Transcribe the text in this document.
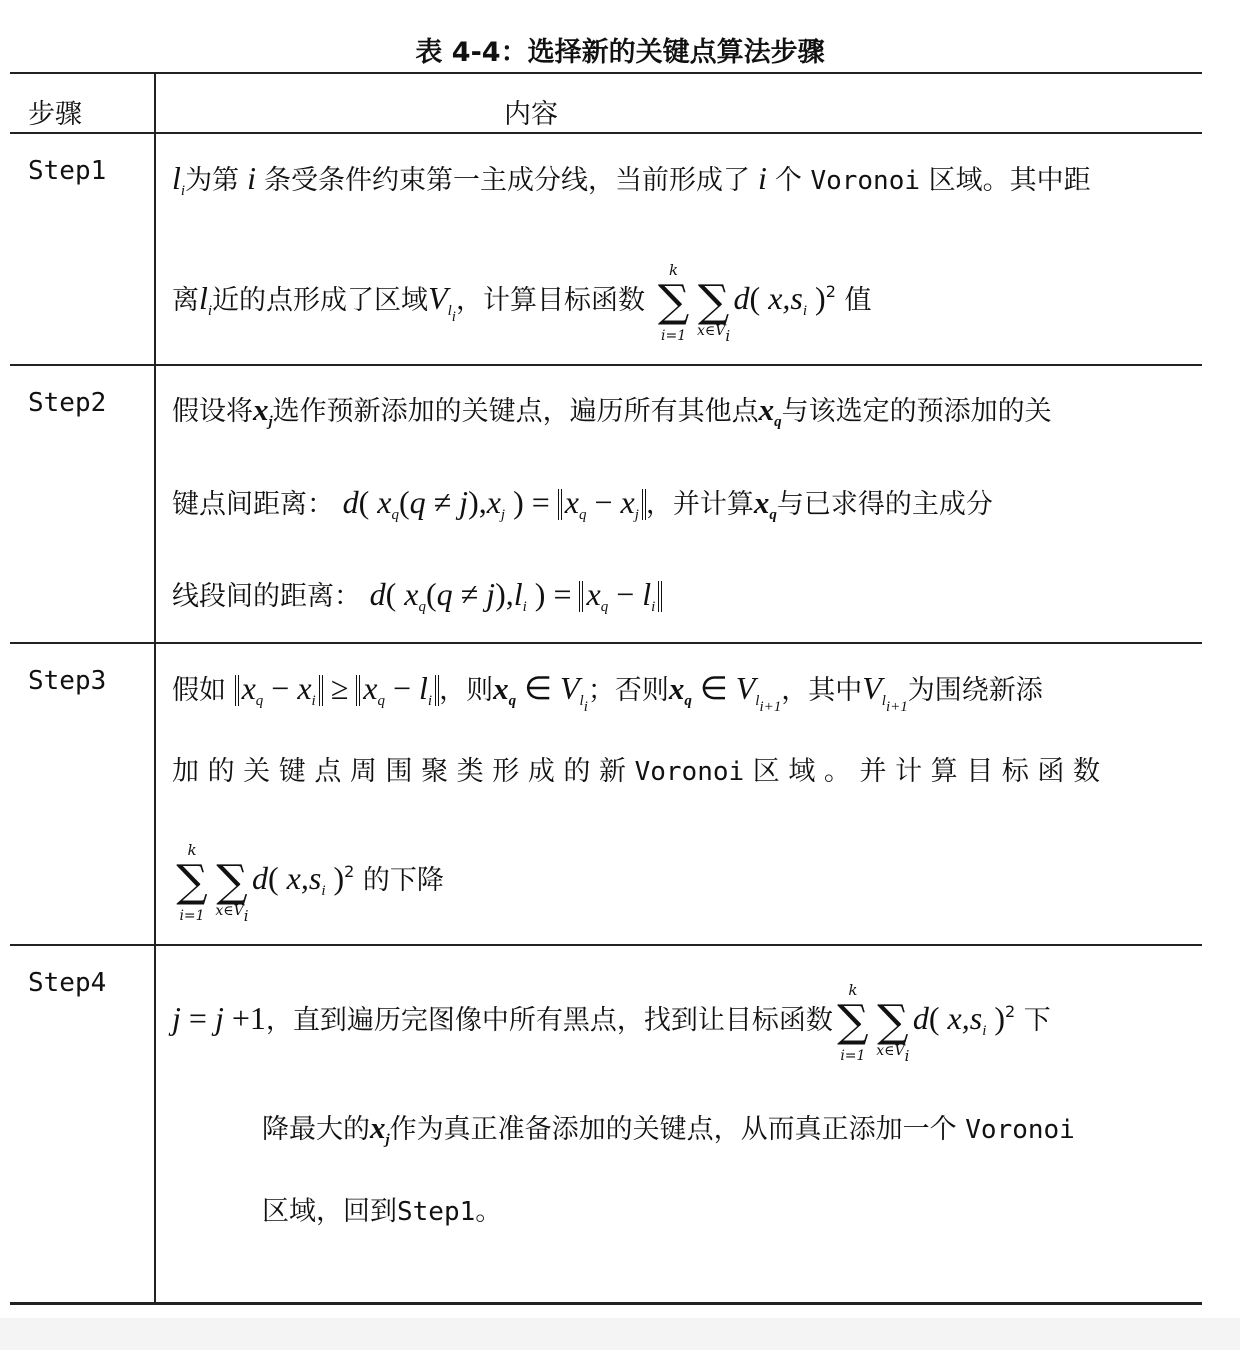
表 4-4：选择新的关键点算法步骤
步骤	内容
Step1 $l_i$为第 i 条受条件约束第一主成分线，当前形成了 i 个 Voronoi 区域。其中距
离$l_i$近的点形成了区域$V_{l_i}$，计算目标函数
k
∑
i=1
∑
$x\in V_i$
d( $x,s_i$ )$^2$ 值
Step2 假设将$x_j$选作预新添加的关键点，遍历所有其他点$x_q$与该选定的预添加的关
键点间距离： d( $x_q(q \ne j),x_j$ ) = $x_q - x_j$ ，并计算$x_q$与已求得的主成分
线段间的距离： d( $x_q(q \ne j),l_i$ ) = $x_q - l_i$
Step3 假如 $x_q - x_i \ge x_q - l_i$ ，则$x_q$ ∈ $V_{l_i}$；否则$x_q$ ∈ $V_{l_{i+1}}$，其中$V_{l_{i+1}}$为围绕新添
加 的 关 键 点 周 围 聚 类 形 成 的 新 Voronoi 区 域 。 并 计 算 目 标 函 数
k
∑
i=1
∑
$x\in V_i$
d( $x,s_i$ )$^2$ 的下降
Step4
j = j +1，直到遍历完图像中所有黑点，找到让目标函数
k
∑
i=1
∑
$x\in V_i$
d( $x,s_i$ )$^2$ 下
降最大的$x_j$作为真正准备添加的关键点，从而真正添加一个 Voronoi
区域，回到Step1。
